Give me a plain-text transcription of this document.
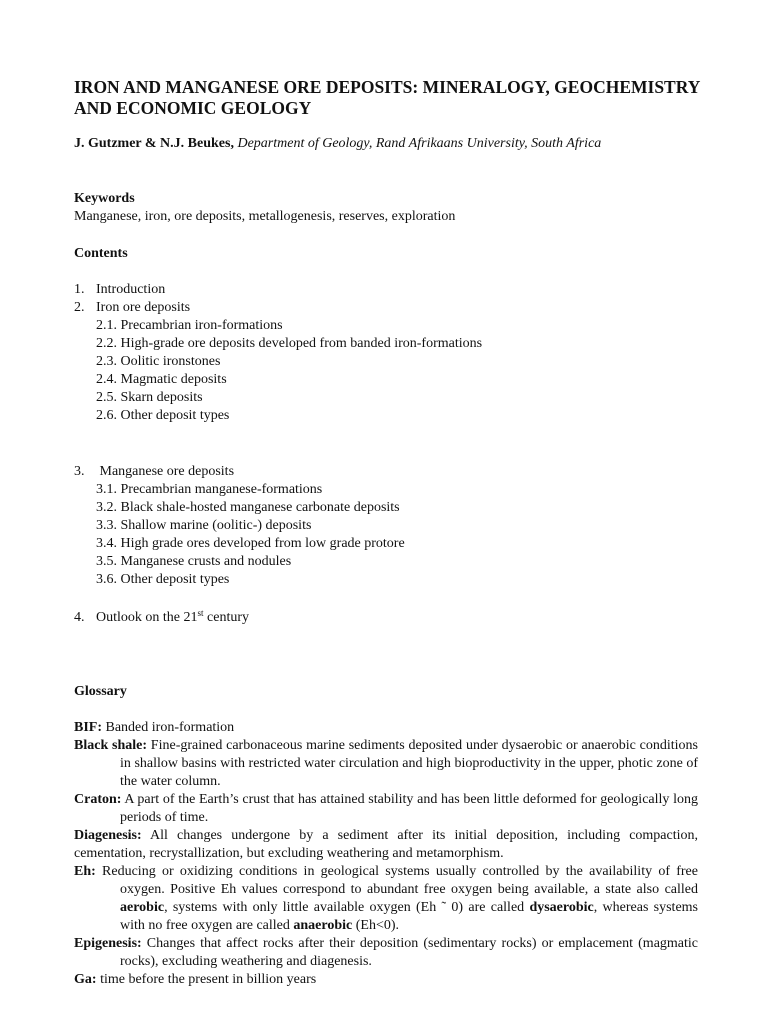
IRON AND MANGANESE ORE DEPOSITS: MINERALOGY, GEOCHEMISTRY AND ECONOMIC GEOLOGY
J. Gutzmer & N.J. Beukes, Department of Geology, Rand Afrikaans University, South Africa
Keywords
Manganese, iron, ore deposits, metallogenesis, reserves, exploration
Contents
1. Introduction
2. Iron ore deposits
2.1. Precambrian iron-formations
2.2. High-grade ore deposits developed from banded iron-formations
2.3. Oolitic ironstones
2.4. Magmatic deposits
2.5. Skarn deposits
2.6. Other deposit types
3. Manganese ore deposits
3.1. Precambrian manganese-formations
3.2. Black shale-hosted manganese carbonate deposits
3.3. Shallow marine (oolitic-) deposits
3.4. High grade ores developed from low grade protore
3.5. Manganese crusts and nodules
3.6. Other deposit types
4. Outlook on the 21st century
Glossary

BIF: Banded iron-formation

Black shale: Fine-grained carbonaceous marine sediments deposited under dysaerobic or anaerobic conditions in shallow basins with restricted water circulation and high bioproductivity in the upper, photic zone of the water column.

Craton: A part of the Earth’s crust that has attained stability and has been little deformed for geologically long periods of time.

Diagenesis: All changes undergone by a sediment after its initial deposition, including compaction, cementation, recrystallization, but excluding weathering and metamorphism.

Eh: Reducing or oxidizing conditions in geological systems usually controlled by the availability of free oxygen. Positive Eh values correspond to abundant free oxygen being available, a state also called aerobic, systems with only little available oxygen (Eh ˜ 0) are called dysaerobic, whereas systems with no free oxygen are called anaerobic (Eh<0).

Epigenesis: Changes that affect rocks after their deposition (sedimentary rocks) or emplacement (magmatic rocks), excluding weathering and diagenesis.

Ga: time before the present in billion years
